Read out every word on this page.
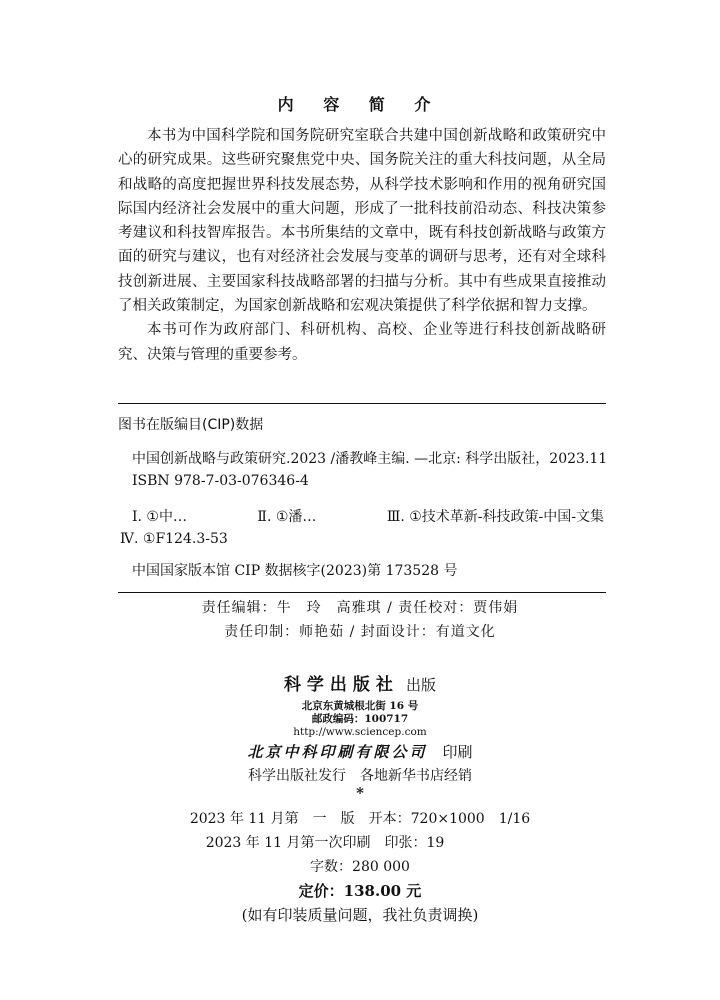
内 容 简 介

本书为中国科学院和国务院研究室联合共建中国创新战略和政策研究中心的研究成果。这些研究聚焦党中央、国务院关注的重大科技问题，从全局和战略的高度把握世界科技发展态势，从科学技术影响和作用的视角研究国际国内经济社会发展中的重大问题，形成了一批科技前沿动态、科技决策参考建议和科技智库报告。本书所集结的文章中，既有科技创新战略与政策方面的研究与建议，也有对经济社会发展与变革的调研与思考，还有对全球科技创新进展、主要国家科技战略部署的扫描与分析。其中有些成果直接推动了相关政策制定，为国家创新战略和宏观决策提供了科学依据和智力支撑。

本书可作为政府部门、科研机构、高校、企业等进行科技创新战略研究、决策与管理的重要参考。

图书在版编目(CIP)数据
中国创新战略与政策研究.2023 /潘教峰主编. —北京: 科学出版社，2023.11
ISBN 978-7-03-076346-4
Ⅰ. ①中…	Ⅱ. ①潘…	Ⅲ. ①技术革新-科技政策-中国-文集
Ⅳ. ①F124.3-53
中国国家版本馆 CIP 数据核字(2023)第 173528 号
责任编辑：牛　玲　高雅琪 / 责任校对：贾伟娟
责任印制：师艳茹 / 封面设计：有道文化
科学出版社 出版
北京东黄城根北街 16 号
邮政编码：100717
http://www.sciencep.com
北京中科印刷有限公司 印刷
科学出版社发行　各地新华书店经销
*
2023 年 11 月第　一　版 开本：720×1000　1/16
2023 年 11 月第一次印刷 印张：19
字数：280 000
定价：138.00 元
(如有印装质量问题，我社负责调换)
